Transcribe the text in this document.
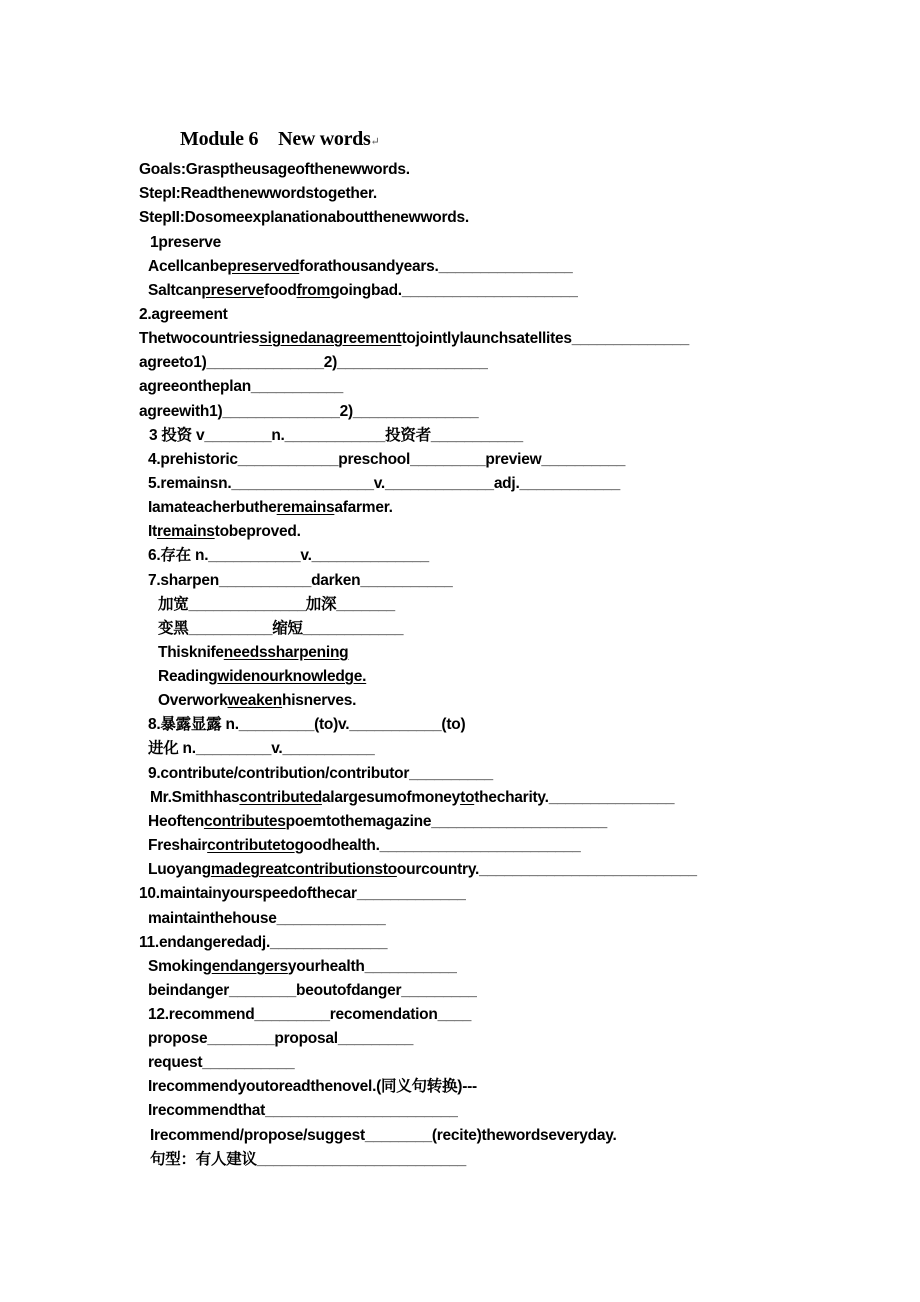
Module 6 New words↵
Goals:Grasptheusageofthenewwords.
StepI:Readthenewwordstogether.
StepII:Dosomeexplanationaboutthenewwords.
1preserve
Acellcanbepreservedforathousandyears.________________
Saltcanpreservefoodfromgoingbad._____________________
2.agreement
Thetwocountriessignedanagreementtojointlylaunchsatellites______________
agreeto1)______________2)__________________
agreeontheplan___________
agreewith1)______________2)_______________
3 投资 v________n.____________投资者___________
4.prehistoric____________preschool_________preview__________
5.remainsn._________________v._____________adj.____________
Iamateacherbutheremainsafarmer.
Itremainstobeproved.
6.存在 n.___________v.______________
7.sharpen___________darken___________
加宽______________加深_______
变黑__________缩短____________
Thisknifeneedssharpening
Readingwidenourknowledge.
Overworkweakenhisnerves.
8.暴露显露 n._________(to)v.___________(to)
进化 n._________v.___________
9.contribute/contribution/contributor__________
Mr.Smithhascontributedalargesumofmoneytothecharity._______________
Heoftencontributespoemtothemagazine_____________________
Freshaircontributetogoodhealth.________________________
Luoyangmadegreatcontributionstoourcountry.__________________________
10.maintainyourspeedofthecar_____________
maintainthehouse_____________
11.endangeredadj.______________
Smokingendangersyourhealth___________
beindanger________beoutofdanger_________
12.recommend_________recomendation____
propose________proposal_________
request___________
Irecommendyoutoreadthenovel.(同义句转换)---
Irecommendthat_______________________
Irecommend/propose/suggest________(recite)thewordseveryday.
句型：有人建议_________________________
